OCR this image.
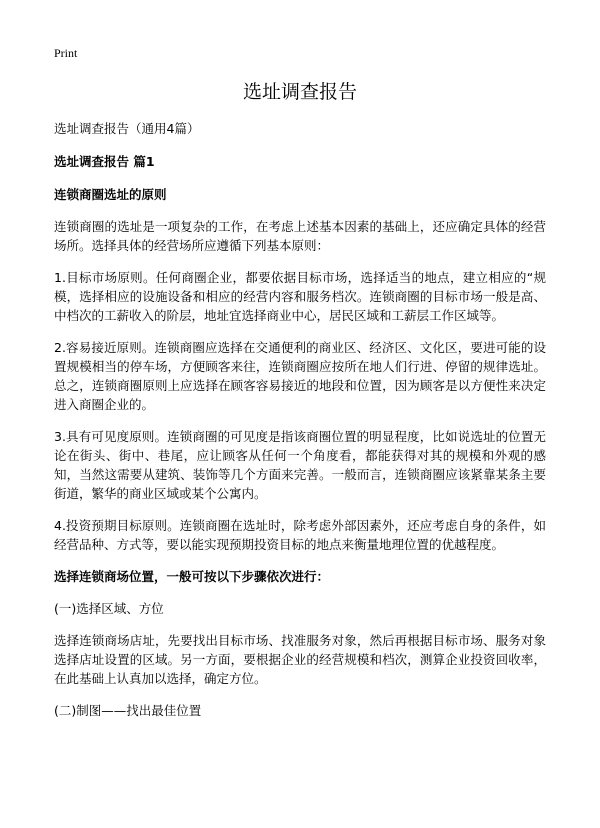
Print
选址调查报告

选址调查报告（通用4篇）

选址调查报告 篇1

连锁商圈选址的原则

连锁商圈的选址是一项复杂的工作，在考虑上述基本因素的基础上，还应确定具体的经营场所。选择具体的经营场所应遵循下列基本原则：

1.目标市场原则。任何商圈企业，都要依据目标市场，选择适当的地点，建立相应的“规模，选择相应的设施设备和相应的经营内容和服务档次。连锁商圈的目标市场一般是高、中档次的工薪收入的阶层，地址宜选择商业中心，居民区域和工薪层工作区域等。

2.容易接近原则。连锁商圈应选择在交通便利的商业区、经济区、文化区，要进可能的设置规模相当的停车场，方便顾客来往，连锁商圈应按所在地人们行进、停留的规律选址。总之，连锁商圈原则上应选择在顾客容易接近的地段和位置，因为顾客是以方便性来决定进入商圈企业的。

3.具有可见度原则。连锁商圈的可见度是指该商圈位置的明显程度，比如说选址的位置无论在街头、街中、巷尾，应让顾客从任何一个角度看，都能获得对其的规模和外观的感知，当然这需要从建筑、装饰等几个方面来完善。一般而言，连锁商圈应该紧靠某条主要街道，繁华的商业区域或某个公寓内。

4.投资预期目标原则。连锁商圈在选址时，除考虑外部因素外，还应考虑自身的条件，如经营品种、方式等，要以能实现预期投资目标的地点来衡量地理位置的优越程度。

选择连锁商场位置，一般可按以下步骤依次进行：

(一)选择区域、方位

选择连锁商场店址，先要找出目标市场、找准服务对象，然后再根据目标市场、服务对象选择店址设置的区域。另一方面，要根据企业的经营规模和档次，测算企业投资回收率，在此基础上认真加以选择，确定方位。

(二)制图——找出最佳位置
